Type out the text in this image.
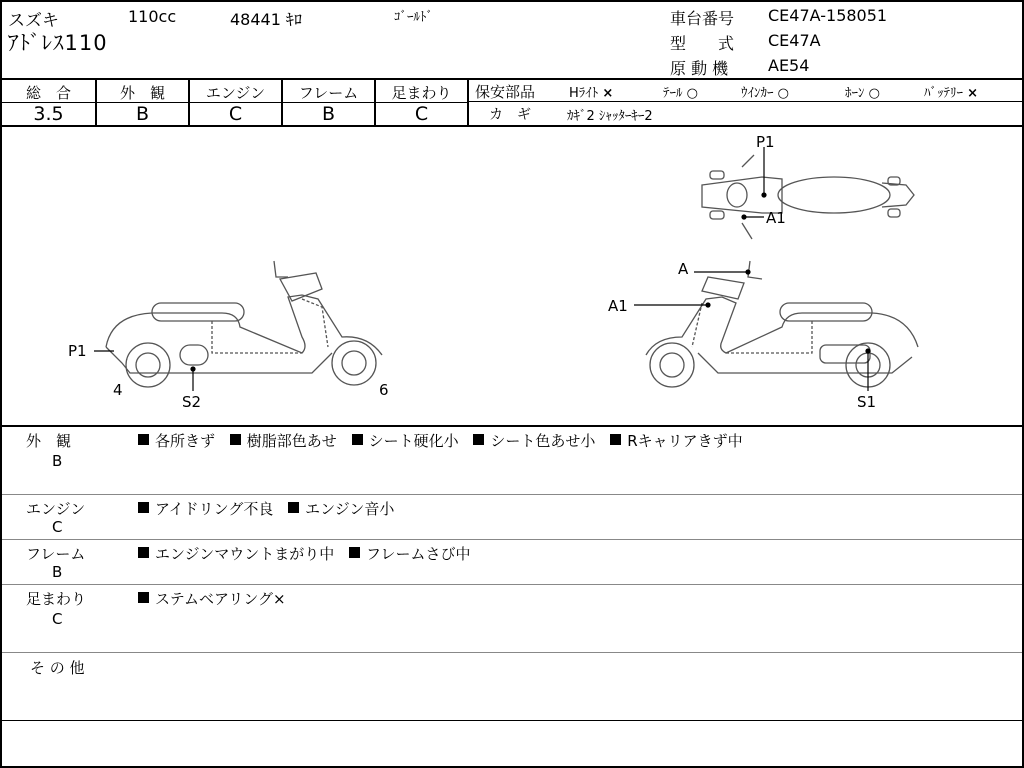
スズキ	110cc	48441 ｷﾛ	ｺﾞｰﾙﾄﾞ
ｱﾄﾞﾚｽ110
車台番号 CE47A-158051
型　　式 CE47A
原 動 機 AE54
総　合
3.5
外　観
B
エンジン
C
フレーム
B
足まわり
C
保安部品	Hﾗｲﾄ ×	ﾃｰﾙ ○	ｳｲﾝｶｰ ○	ﾎｰﾝ ○	ﾊﾞｯﾃﾘｰ ×
カ　ギ	ｶｷﾞ2 ｼｬｯﾀｰｷｰ2
P1
4
S2
6
P1
A1
A
A1
S1
外　観
B
各所きず 樹脂部色あせ シート硬化小 シート色あせ小 Rキャリアきず中
エンジン
C
アイドリング不良 エンジン音小
フレーム
B
エンジンマウントまがり中 フレームさび中
足まわり
C
ステムベアリング×
そ の 他
